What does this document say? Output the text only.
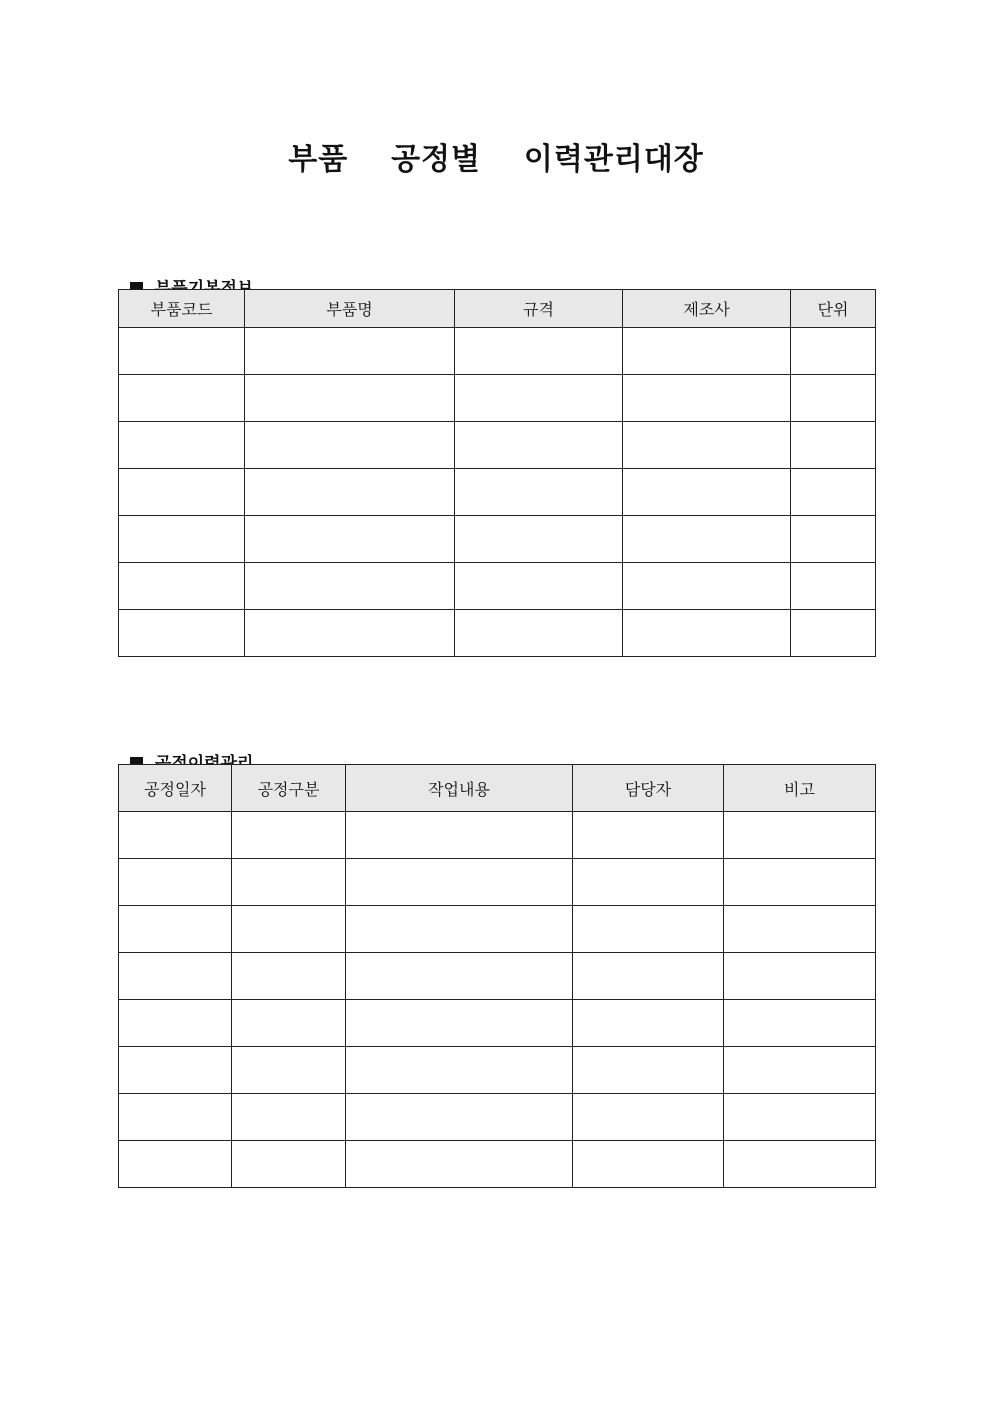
부품  공정별  이력관리대장

부품코드	부품명	규격	제조사	단위

공정일자	공정구분	작업내용	담당자	비고
